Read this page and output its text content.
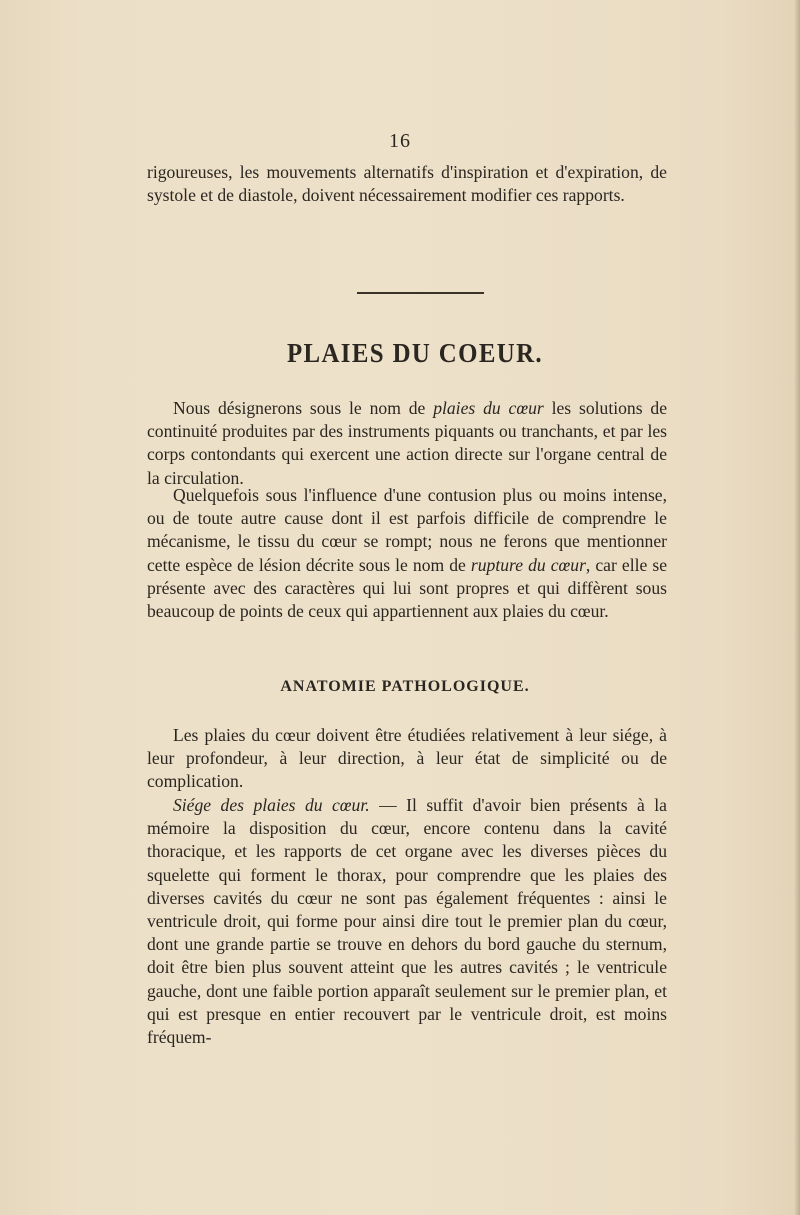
16

rigoureuses, les mouvements alternatifs d'inspiration et d'expiration, de systole et de diastole, doivent nécessairement modifier ces rapports.

PLAIES DU COEUR.

Nous désignerons sous le nom de plaies du cœur les solutions de continuité produites par des instruments piquants ou tranchants, et par les corps contondants qui exercent une action directe sur l'organe central de la circulation.

Quelquefois sous l'influence d'une contusion plus ou moins intense, ou de toute autre cause dont il est parfois difficile de comprendre le mécanisme, le tissu du cœur se rompt; nous ne ferons que mentionner cette espèce de lésion décrite sous le nom de rupture du cœur, car elle se présente avec des caractères qui lui sont propres et qui diffèrent sous beaucoup de points de ceux qui appartiennent aux plaies du cœur.

ANATOMIE PATHOLOGIQUE.

Les plaies du cœur doivent être étudiées relativement à leur siége, à leur profondeur, à leur direction, à leur état de simplicité ou de complication.

Siége des plaies du cœur. — Il suffit d'avoir bien présents à la mémoire la disposition du cœur, encore contenu dans la cavité thoracique, et les rapports de cet organe avec les diverses pièces du squelette qui forment le thorax, pour comprendre que les plaies des diverses cavités du cœur ne sont pas également fréquentes : ainsi le ventricule droit, qui forme pour ainsi dire tout le premier plan du cœur, dont une grande partie se trouve en dehors du bord gauche du sternum, doit être bien plus souvent atteint que les autres cavités ; le ventricule gauche, dont une faible portion apparaît seulement sur le premier plan, et qui est presque en entier recouvert par le ventricule droit, est moins fréquem-
